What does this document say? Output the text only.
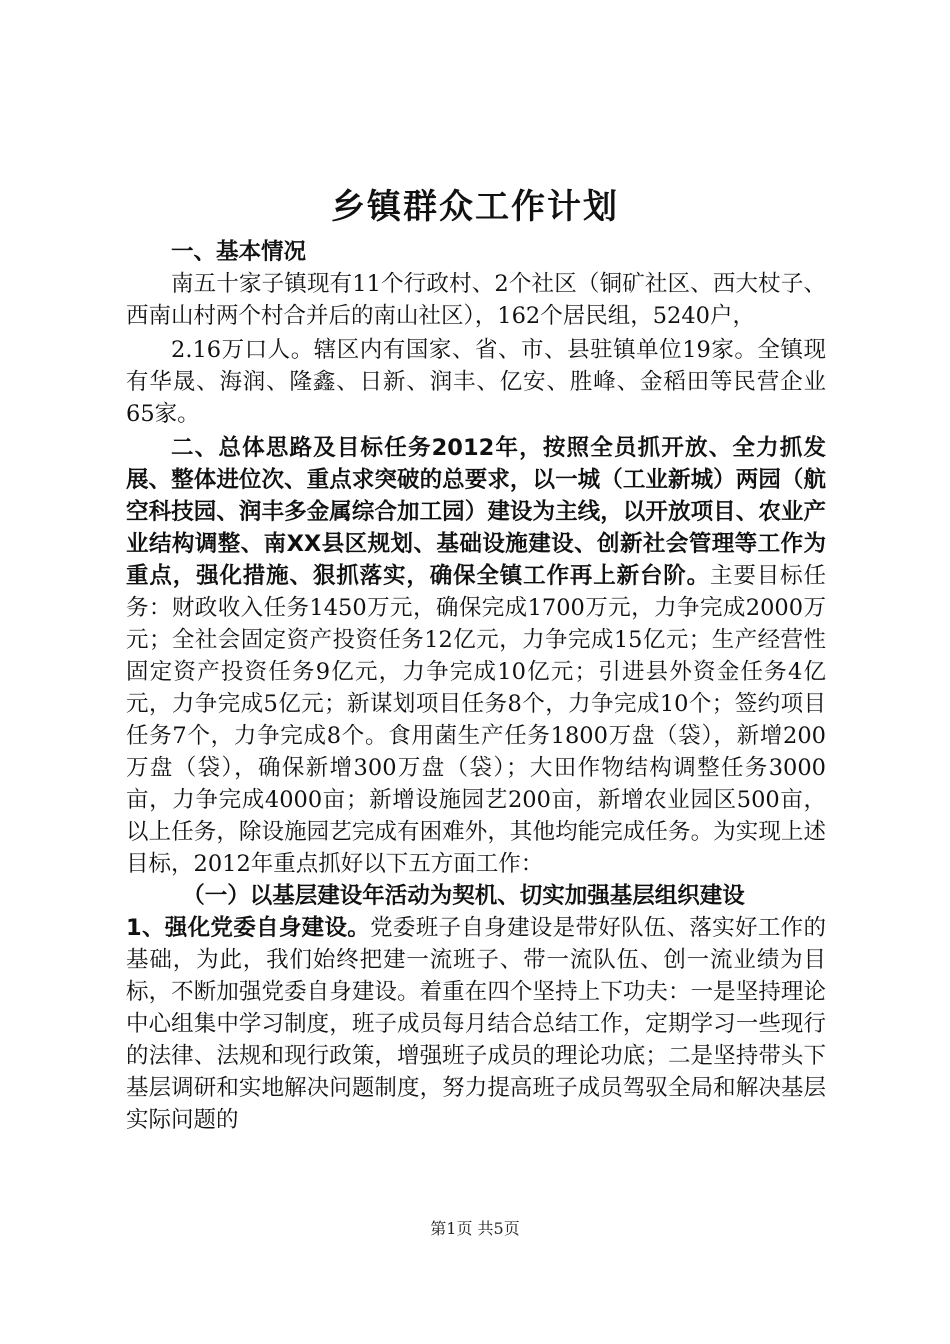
乡镇群众工作计划

一、基本情况

南五十家子镇现有11个行政村、2个社区（铜矿社区、西大杖子、西南山村两个村合并后的南山社区），162个居民组，5240户，

2.16万口人。辖区内有国家、省、市、县驻镇单位19家。全镇现有华晟、海润、隆鑫、日新、润丰、亿安、胜峰、金稻田等民营企业65家。

二、总体思路及目标任务2012年，按照全员抓开放、全力抓发展、整体进位次、重点求突破的总要求，以一城（工业新城）两园（航空科技园、润丰多金属综合加工园）建设为主线，以开放项目、农业产业结构调整、南XX县区规划、基础设施建设、创新社会管理等工作为重点，强化措施、狠抓落实，确保全镇工作再上新台阶。主要目标任务：财政收入任务1450万元，确保完成1700万元，力争完成2000万元；全社会固定资产投资任务12亿元，力争完成15亿元；生产经营性固定资产投资任务9亿元，力争完成10亿元；引进县外资金任务4亿元，力争完成5亿元；新谋划项目任务8个，力争完成10个；签约项目任务7个，力争完成8个。食用菌生产任务1800万盘（袋），新增200万盘（袋），确保新增300万盘（袋）；大田作物结构调整任务3000亩，力争完成4000亩；新增设施园艺200亩，新增农业园区500亩，以上任务，除设施园艺完成有困难外，其他均能完成任务。为实现上述目标，2012年重点抓好以下五方面工作：

（一）以基层建设年活动为契机、切实加强基层组织建设

1、强化党委自身建设。党委班子自身建设是带好队伍、落实好工作的基础，为此，我们始终把建一流班子、带一流队伍、创一流业绩为目标，不断加强党委自身建设。着重在四个坚持上下功夫：一是坚持理论中心组集中学习制度，班子成员每月结合总结工作，定期学习一些现行的法律、法规和现行政策，增强班子成员的理论功底；二是坚持带头下基层调研和实地解决问题制度，努力提高班子成员驾驭全局和解决基层实际问题的

第1页 共5页
